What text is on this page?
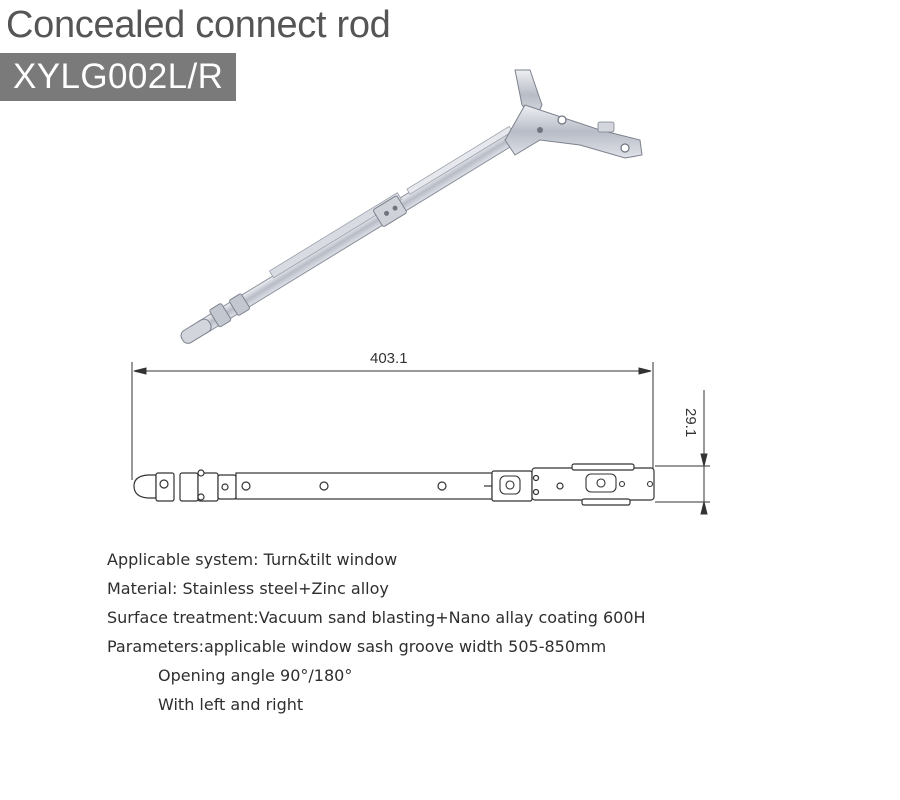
Concealed connect rod
XYLG002L/R
403.1
29.1
Applicable system: Turn&tilt window
Material: Stainless steel+Zinc alloy
Surface treatment:Vacuum sand blasting+Nano allay coating 600H
Parameters:applicable window sash groove width 505-850mm
Opening angle 90°/180°
With left and right
